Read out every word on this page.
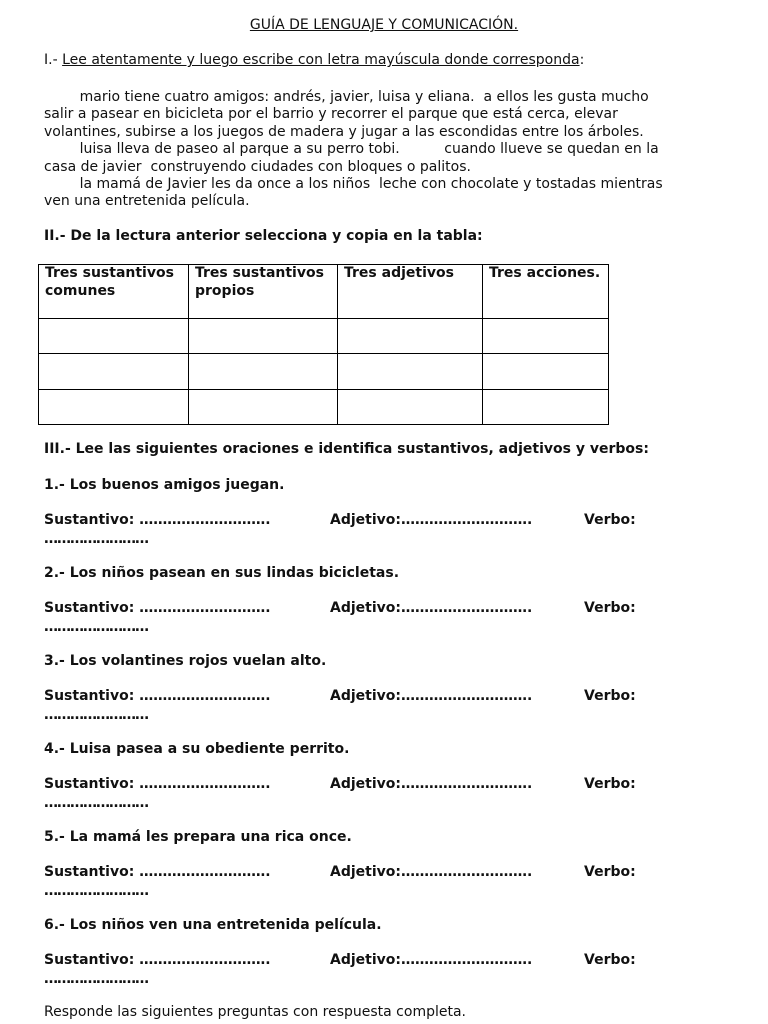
GUÍA DE LENGUAJE Y COMUNICACIÓN.
I.- Lee atentamente y luego escribe con letra mayúscula donde corresponda:
mario tiene cuatro amigos: andrés, javier, luisa y eliana.  a ellos les gusta mucho
salir a pasear en bicicleta por el barrio y recorrer el parque que está cerca, elevar
volantines, subirse a los juegos de madera y jugar a las escondidas entre los árboles.
luisa lleva de paseo al parque a su perro tobi.          cuando llueve se quedan en la
casa de javier  construyendo ciudades con bloques o palitos.
la mamá de Javier les da once a los niños  leche con chocolate y tostadas mientras
ven una entretenida película.
II.- De la lectura anterior selecciona y copia en la tabla:
Tres sustantivos comunes	Tres sustantivos propios	Tres adjetivos	Tres acciones.

III.- Lee las siguientes oraciones e identifica sustantivos, adjetivos y verbos:
1.- Los buenos amigos juegan.
Sustantivo: ……………………….	Adjetivo:……………………….	Verbo:
……………………
2.- Los niños pasean en sus lindas bicicletas.
Sustantivo: ……………………….	Adjetivo:……………………….	Verbo:
……………………
3.- Los volantines rojos vuelan alto.
Sustantivo: ……………………….	Adjetivo:……………………….	Verbo:
……………………
4.- Luisa pasea a su obediente perrito.
Sustantivo: ……………………….	Adjetivo:……………………….	Verbo:
……………………
5.- La mamá les prepara una rica once.
Sustantivo: ……………………….	Adjetivo:……………………….	Verbo:
……………………
6.- Los niños ven una entretenida película.
Sustantivo: ……………………….	Adjetivo:……………………….	Verbo:
……………………
Responde las siguientes preguntas con respuesta completa.
